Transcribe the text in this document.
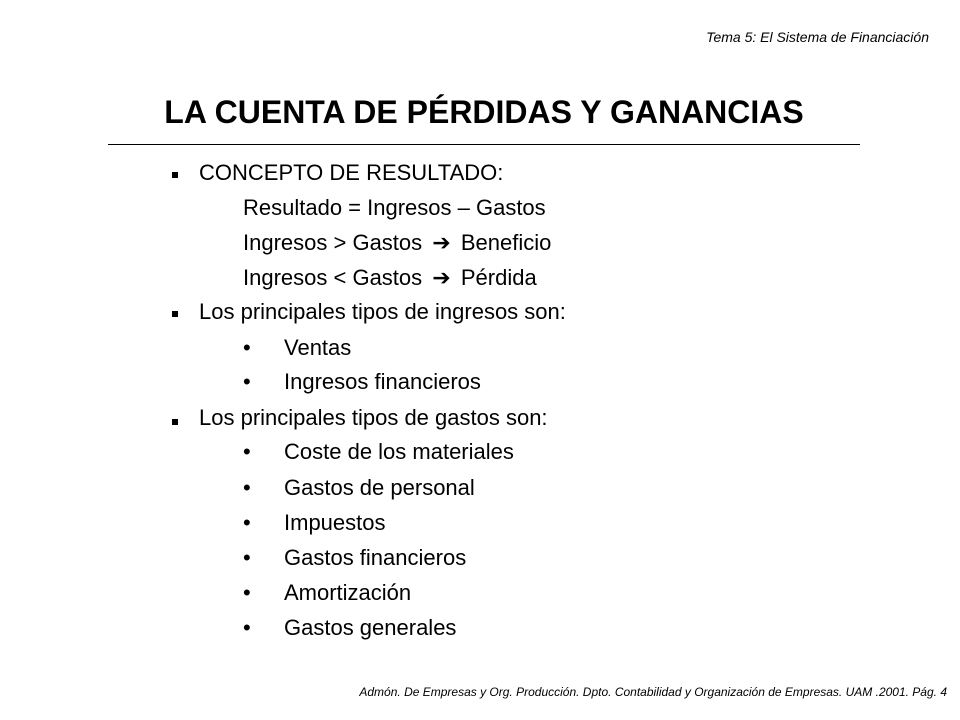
Tema 5: El Sistema de Financiación
LA CUENTA DE PÉRDIDAS Y GANANCIAS
CONCEPTO DE RESULTADO:
Resultado = Ingresos – Gastos
Ingresos > Gastos ➔ Beneficio
Ingresos < Gastos ➔ Pérdida
Los principales tipos de ingresos son:
• Ventas
• Ingresos financieros
Los principales tipos de gastos son:
• Coste de los materiales
• Gastos de personal
• Impuestos
• Gastos financieros
• Amortización
• Gastos generales
Admón. De Empresas y Org. Producción. Dpto. Contabilidad y Organización de Empresas. UAM .2001. Pág. 4
